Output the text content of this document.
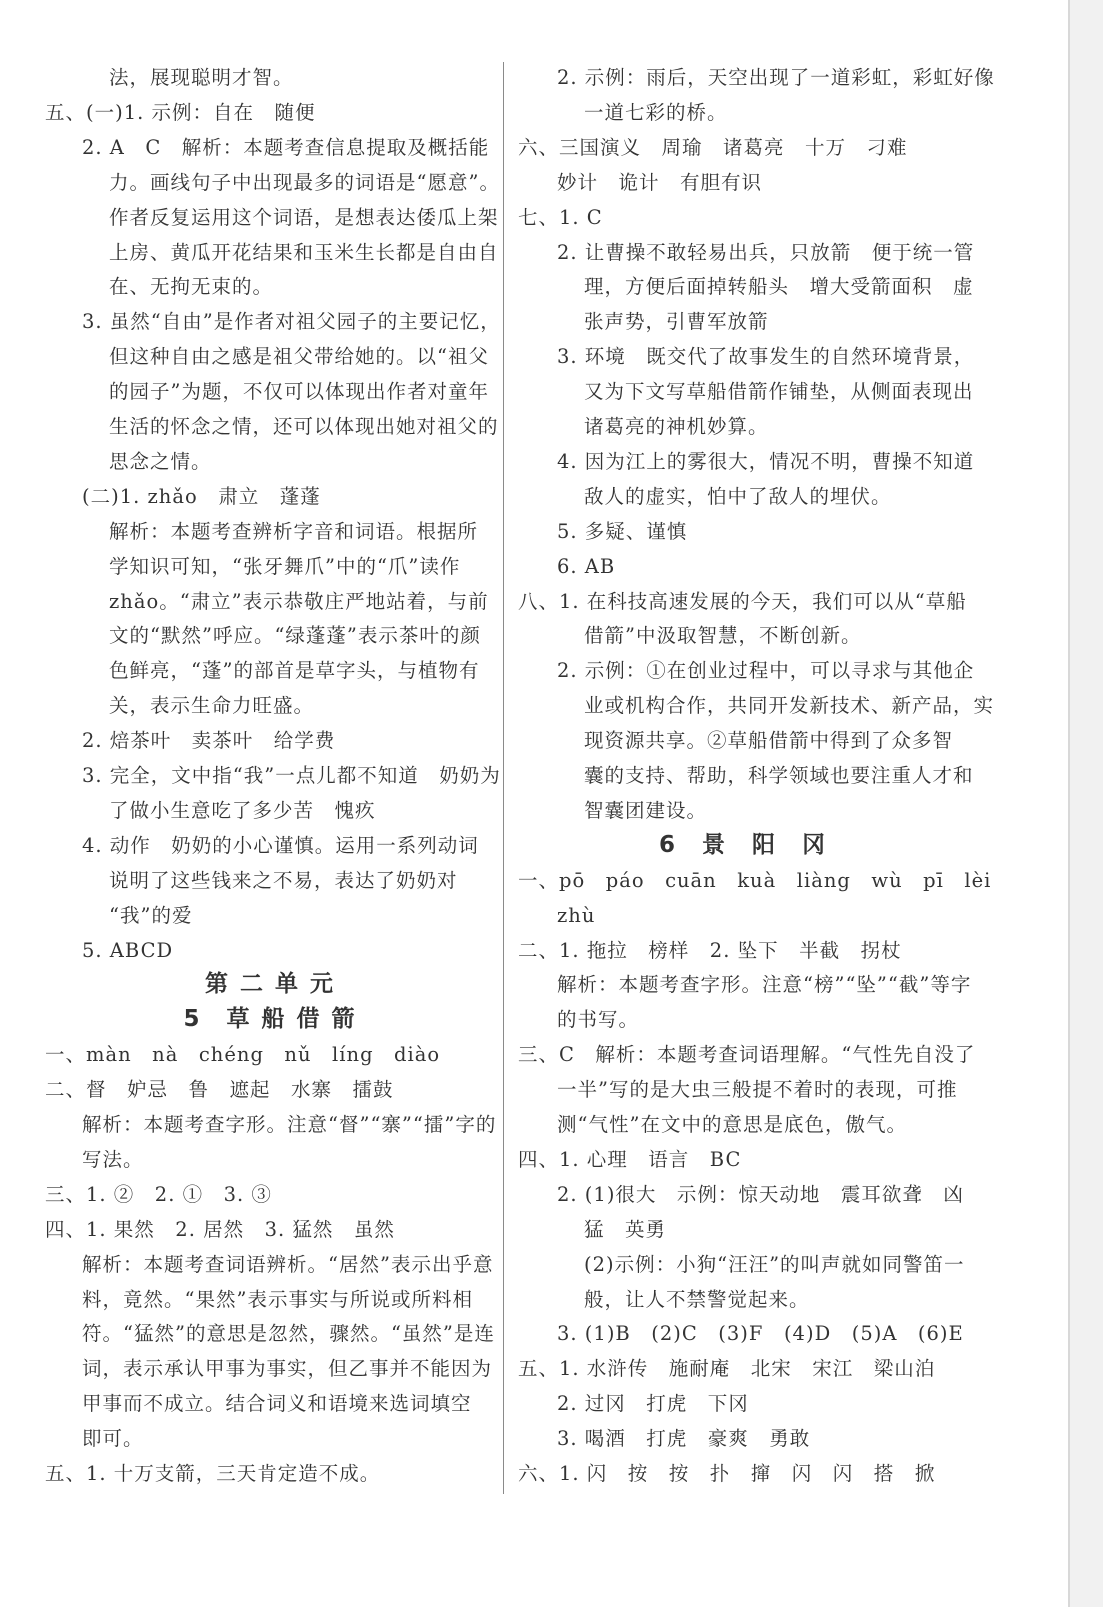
法，展现聪明才智。
五、(一)1. 示例：自在　随便
2. A　C　解析：本题考查信息提取及概括能
力。画线句子中出现最多的词语是“愿意”。
作者反复运用这个词语，是想表达倭瓜上架
上房、黄瓜开花结果和玉米生长都是自由自
在、无拘无束的。
3. 虽然“自由”是作者对祖父园子的主要记忆，
但这种自由之感是祖父带给她的。以“祖父
的园子”为题，不仅可以体现出作者对童年
生活的怀念之情，还可以体现出她对祖父的
思念之情。
(二)1. zhǎo　肃立　蓬蓬
解析：本题考查辨析字音和词语。根据所
学知识可知，“张牙舞爪”中的“爪”读作
zhǎo。“肃立”表示恭敬庄严地站着，与前
文的“默然”呼应。“绿蓬蓬”表示茶叶的颜
色鲜亮，“蓬”的部首是草字头，与植物有
关，表示生命力旺盛。
2. 焙茶叶　卖茶叶　给学费
3. 完全，文中指“我”一点儿都不知道　奶奶为
了做小生意吃了多少苦　愧疚
4. 动作　奶奶的小心谨慎。运用一系列动词
说明了这些钱来之不易，表达了奶奶对
“我”的爱
5. ABCD
第 二 单 元
5　草 船 借 箭
一、màn　nà　chéng　nǔ　líng　diào
二、督　妒忌　鲁　遮起　水寨　擂鼓
解析：本题考查字形。注意“督”“寨”“擂”字的
写法。
三、1. ②　2. ①　3. ③
四、1. 果然　2. 居然　3. 猛然　虽然
解析：本题考查词语辨析。“居然”表示出乎意
料，竟然。“果然”表示事实与所说或所料相
符。“猛然”的意思是忽然，骤然。“虽然”是连
词，表示承认甲事为事实，但乙事并不能因为
甲事而不成立。结合词义和语境来选词填空
即可。
五、1. 十万支箭，三天肯定造不成。
2. 示例：雨后，天空出现了一道彩虹，彩虹好像
一道七彩的桥。
六、三国演义　周瑜　诸葛亮　十万　刁难
妙计　诡计　有胆有识
七、1. C
2. 让曹操不敢轻易出兵，只放箭　便于统一管
理，方便后面掉转船头　增大受箭面积　虚
张声势，引曹军放箭
3. 环境　既交代了故事发生的自然环境背景，
又为下文写草船借箭作铺垫，从侧面表现出
诸葛亮的神机妙算。
4. 因为江上的雾很大，情况不明，曹操不知道
敌人的虚实，怕中了敌人的埋伏。
5. 多疑、谨慎
6. AB
八、1. 在科技高速发展的今天，我们可以从“草船
借箭”中汲取智慧，不断创新。
2. 示例：①在创业过程中，可以寻求与其他企
业或机构合作，共同开发新技术、新产品，实
现资源共享。②草船借箭中得到了众多智
囊的支持、帮助，科学领域也要注重人才和
智囊团建设。
6　景　阳　冈
一、pō　páo　cuān　kuà　liàng　wù　pī　lèi
zhù
二、1. 拖拉　榜样　2. 坠下　半截　拐杖
解析：本题考查字形。注意“榜”“坠”“截”等字
的书写。
三、C　解析：本题考查词语理解。“气性先自没了
一半”写的是大虫三般提不着时的表现，可推
测“气性”在文中的意思是底色，傲气。
四、1. 心理　语言　BC
2. (1)很大　示例：惊天动地　震耳欲聋　凶
猛　英勇
(2)示例：小狗“汪汪”的叫声就如同警笛一
般，让人不禁警觉起来。
3. (1)B　(2)C　(3)F　(4)D　(5)A　(6)E
五、1. 水浒传　施耐庵　北宋　宋江　梁山泊
2. 过冈　打虎　下冈
3. 喝酒　打虎　豪爽　勇敢
六、1. 闪　按　按　扑　撺　闪　闪　搭　掀
